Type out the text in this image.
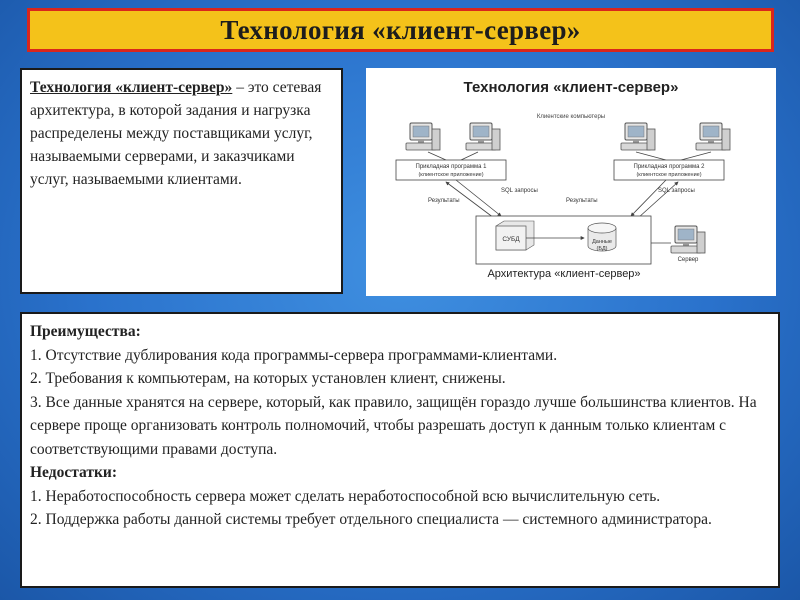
Технология «клиент-сервер»
Технология «клиент-сервер» – это сетевая архитектура, в которой задания и нагрузка распределены между поставщиками услуг, называемыми серверами, и заказчиками услуг, называемыми клиентами.
Технология «клиент-сервер»
Клиентские компьютеры
Прикладная программа 1
(клиентское приложение)
Прикладная программа 2
(клиентское приложение)
SQL запросы
Результаты	Результаты
SQL запросы
СУБД	Данные
(БД)
Сервер
Архитектура «клиент-сервер»

Преимущества:

1. Отсутствие дублирования кода программы-сервера программами-клиентами.

2. Требования к компьютерам, на которых установлен клиент, снижены.

3. Все данные хранятся на сервере, который, как правило, защищён гораздо лучше большинства клиентов. На сервере проще организовать контроль полномочий, чтобы разрешать доступ к данным только клиентам с соответствующими правами доступа.

Недостатки:

1. Неработоспособность сервера может сделать неработоспособной всю вычислительную сеть.

2. Поддержка работы данной системы требует отдельного специалиста — системного администратора.
